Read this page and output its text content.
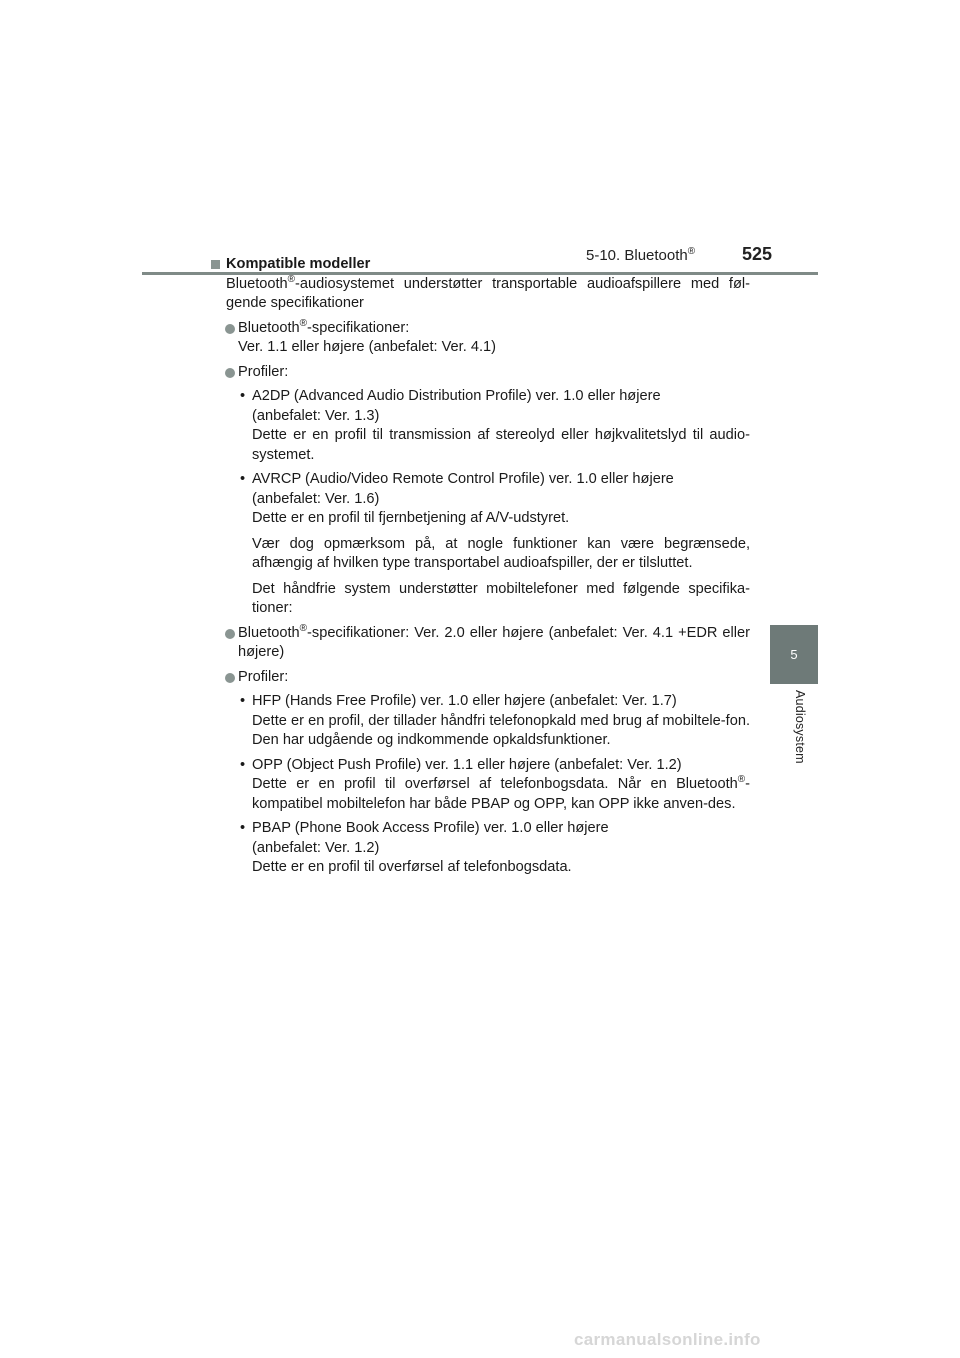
5-10. Bluetooth®	525
5
Audiosystem
Kompatible modeller
Bluetooth®-audiosystemet understøtter transportable audioafspillere med føl-gende specifikationer
Bluetooth®-specifikationer:
Ver. 1.1 eller højere (anbefalet: Ver. 4.1)
Profiler:
• A2DP (Advanced Audio Distribution Profile) ver. 1.0 eller højere
(anbefalet: Ver. 1.3)
Dette er en profil til transmission af stereolyd eller højkvalitetslyd til audio-systemet.
• AVRCP (Audio/Video Remote Control Profile) ver. 1.0 eller højere
(anbefalet: Ver. 1.6)
Dette er en profil til fjernbetjening af A/V-udstyret.
Vær dog opmærksom på, at nogle funktioner kan være begrænsede, afhængig af hvilken type transportabel audioafspiller, der er tilsluttet.
Det håndfrie system understøtter mobiltelefoner med følgende specifika-tioner:
Bluetooth®-specifikationer: Ver. 2.0 eller højere (anbefalet: Ver. 4.1 +EDR eller højere)
Profiler:
• HFP (Hands Free Profile) ver. 1.0 eller højere (anbefalet: Ver. 1.7)
Dette er en profil, der tillader håndfri telefonopkald med brug af mobiltele-fon. Den har udgående og indkommende opkaldsfunktioner.
• OPP (Object Push Profile) ver. 1.1 eller højere (anbefalet: Ver. 1.2)
Dette er en profil til overførsel af telefonbogsdata. Når en Bluetooth®-kompatibel mobiltelefon har både PBAP og OPP, kan OPP ikke anven-des.
• PBAP (Phone Book Access Profile) ver. 1.0 eller højere
(anbefalet: Ver. 1.2)
Dette er en profil til overførsel af telefonbogsdata.
carmanualsonline.info
